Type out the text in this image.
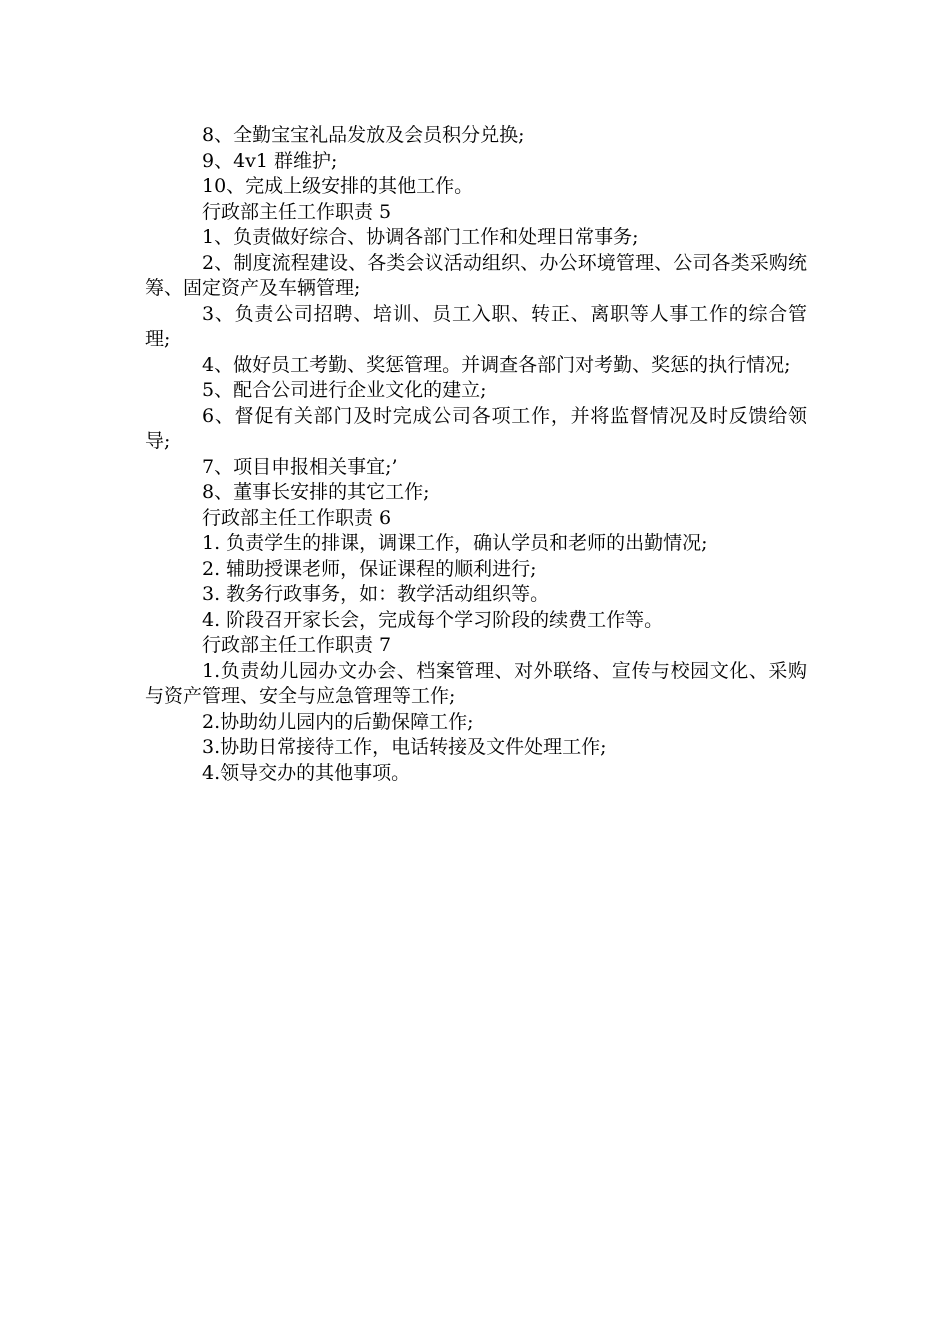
8、全勤宝宝礼品发放及会员积分兑换;

9、4v1 群维护;

10、完成上级安排的其他工作。

行政部主任工作职责 5

1、负责做好综合、协调各部门工作和处理日常事务;

2、制度流程建设、各类会议活动组织、办公环境管理、公司各类采购统筹、固定资产及车辆管理;

3、负责公司招聘、培训、员工入职、转正、离职等人事工作的综合管理;

4、做好员工考勤、奖惩管理。并调查各部门对考勤、奖惩的执行情况;

5、配合公司进行企业文化的建立;

6、督促有关部门及时完成公司各项工作，并将监督情况及时反馈给领导;

7、项目申报相关事宜;’

8、董事长安排的其它工作;

行政部主任工作职责 6

1. 负责学生的排课，调课工作，确认学员和老师的出勤情况;

2. 辅助授课老师，保证课程的顺利进行;

3. 教务行政事务，如：教学活动组织等。

4. 阶段召开家长会，完成每个学习阶段的续费工作等。

行政部主任工作职责 7

1.负责幼儿园办文办会、档案管理、对外联络、宣传与校园文化、采购与资产管理、安全与应急管理等工作;

2.协助幼儿园内的后勤保障工作;

3.协助日常接待工作，电话转接及文件处理工作;

4.领导交办的其他事项。
